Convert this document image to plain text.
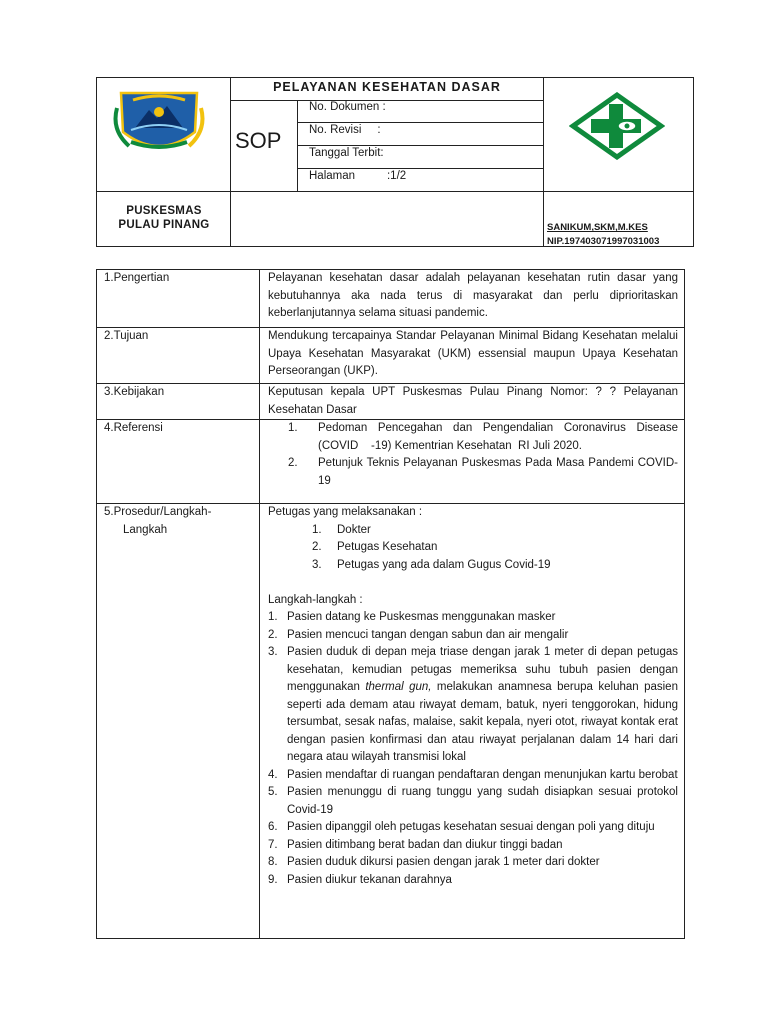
PELAYANAN KESEHATAN DASAR
SOP
No. Dokumen :
No. Revisi     :
Tanggal Terbit:
Halaman          :1/2
PUSKESMAS
PULAU PINANG	SANIKUM,SKM,M.KES
NIP.197403071997031003
1.Pengertian	Pelayanan kesehatan dasar adalah pelayanan kesehatan rutin dasar yang kebutuhannya aka nada terus di masyarakat dan perlu diprioritaskan keberlanjutannya selama situasi pandemic.

2.Tujuan	Mendukung tercapainya Standar Pelayanan Minimal Bidang Kesehatan melalui Upaya Kesehatan Masyarakat (UKM) essensial maupun Upaya Kesehatan Perseorangan (UKP).

3.Kebijakan	Keputusan kepala UPT Puskesmas Pulau Pinang Nomor: ? ? Pelayanan Kesehatan Dasar

4.Referensi	1. Pedoman Pencegahan dan Pengendalian Coronavirus Disease (COVID    -19) Kementrian Kesehatan  RI Juli 2020.
2. Petunjuk Teknis Pelayanan Puskesmas Pada Masa Pandemi COVID-19
5.Prosedur/Langkah-
Langkah
Petugas yang melaksanakan :
1. Dokter
2. Petugas Kesehatan
3. Petugas yang ada dalam Gugus Covid-19
Langkah-langkah :
1. Pasien datang ke Puskesmas menggunakan masker
2. Pasien mencuci tangan dengan sabun dan air mengalir
3. Pasien duduk di depan meja triase dengan jarak 1 meter di depan petugas kesehatan, kemudian petugas memeriksa suhu tubuh pasien dengan menggunakan thermal gun, melakukan anamnesa berupa keluhan pasien seperti ada demam atau riwayat demam, batuk, nyeri tenggorokan, hidung tersumbat, sesak nafas, malaise, sakit kepala, nyeri otot, riwayat kontak erat dengan pasien konfirmasi dan atau riwayat perjalanan dalam 14 hari dari negara atau wilayah transmisi lokal
4. Pasien mendaftar di ruangan pendaftaran dengan menunjukan kartu berobat
5. Pasien menunggu di ruang tunggu yang sudah disiapkan sesuai protokol Covid-19
6. Pasien dipanggil oleh petugas kesehatan sesuai dengan poli yang dituju
7. Pasien ditimbang berat badan dan diukur tinggi badan
8. Pasien duduk dikursi pasien dengan jarak 1 meter dari dokter
9. Pasien diukur tekanan darahnya
